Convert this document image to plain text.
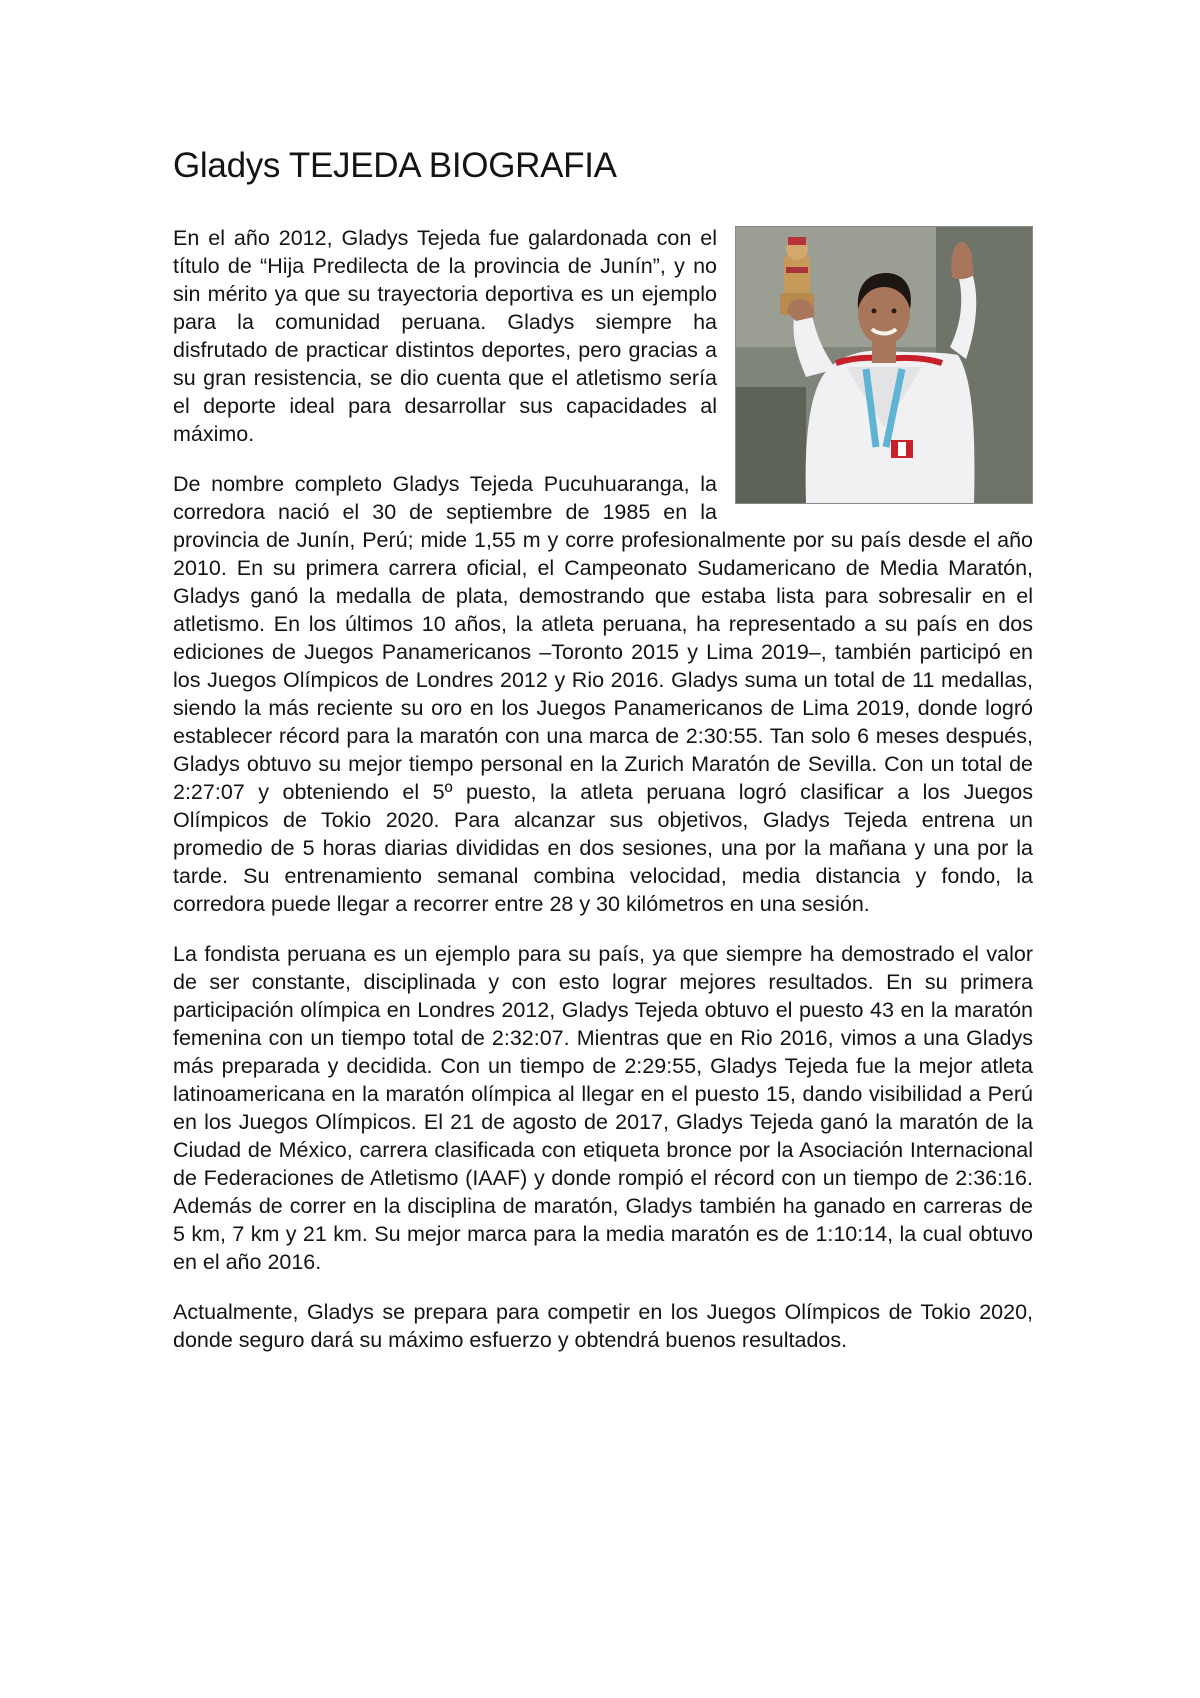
Gladys TEJEDA BIOGRAFIA

En el año 2012, Gladys Tejeda fue galardonada con el título de “Hija Predilecta de la provincia de Junín”, y no sin mérito ya que su trayectoria deportiva es un ejemplo para la comunidad peruana. Gladys siempre ha disfrutado de practicar distintos deportes, pero gracias a su gran resistencia, se dio cuenta que el atletismo sería el deporte ideal para desarrollar sus capacidades al máximo.

De nombre completo Gladys Tejeda Pucuhuaranga, la corredora nació el 30 de septiembre de 1985 en la provincia de Junín, Perú; mide 1,55 m y corre profesionalmente por su país desde el año 2010. En su primera carrera oficial, el Campeonato Sudamericano de Media Maratón, Gladys ganó la medalla de plata, demostrando que estaba lista para sobresalir en el atletismo. En los últimos 10 años, la atleta peruana, ha representado a su país en dos ediciones de Juegos Panamericanos –Toronto 2015 y Lima 2019–, también participó en los Juegos Olímpicos de Londres 2012 y Rio 2016. Gladys suma un total de 11 medallas, siendo la más reciente su oro en los Juegos Panamericanos de Lima 2019, donde logró establecer récord para la maratón con una marca de 2:30:55. Tan solo 6 meses después, Gladys obtuvo su mejor tiempo personal en la Zurich Maratón de Sevilla. Con un total de 2:27:07 y obteniendo el 5º puesto, la atleta peruana logró clasificar a los Juegos Olímpicos de Tokio 2020. Para alcanzar sus objetivos, Gladys Tejeda entrena un promedio de 5 horas diarias divididas en dos sesiones, una por la mañana y una por la tarde. Su entrenamiento semanal combina velocidad, media distancia y fondo, la corredora puede llegar a recorrer entre 28 y 30 kilómetros en una sesión.

La fondista peruana es un ejemplo para su país, ya que siempre ha demostrado el valor de ser constante, disciplinada y con esto lograr mejores resultados. En su primera participación olímpica en Londres 2012, Gladys Tejeda obtuvo el puesto 43 en la maratón femenina con un tiempo total de 2:32:07. Mientras que en Rio 2016, vimos a una Gladys más preparada y decidida. Con un tiempo de 2:29:55, Gladys Tejeda fue la mejor atleta latinoamericana en la maratón olímpica al llegar en el puesto 15, dando visibilidad a Perú en los Juegos Olímpicos. El 21 de agosto de 2017, Gladys Tejeda ganó la maratón de la Ciudad de México, carrera clasificada con etiqueta bronce por la Asociación Internacional de Federaciones de Atletismo (IAAF) y donde rompió el récord con un tiempo de 2:36:16. Además de correr en la disciplina de maratón, Gladys también ha ganado en carreras de 5 km, 7 km y 21 km. Su mejor marca para la media maratón es de 1:10:14, la cual obtuvo en el año 2016.

Actualmente, Gladys se prepara para competir en los Juegos Olímpicos de Tokio 2020, donde seguro dará su máximo esfuerzo y obtendrá buenos resultados.
